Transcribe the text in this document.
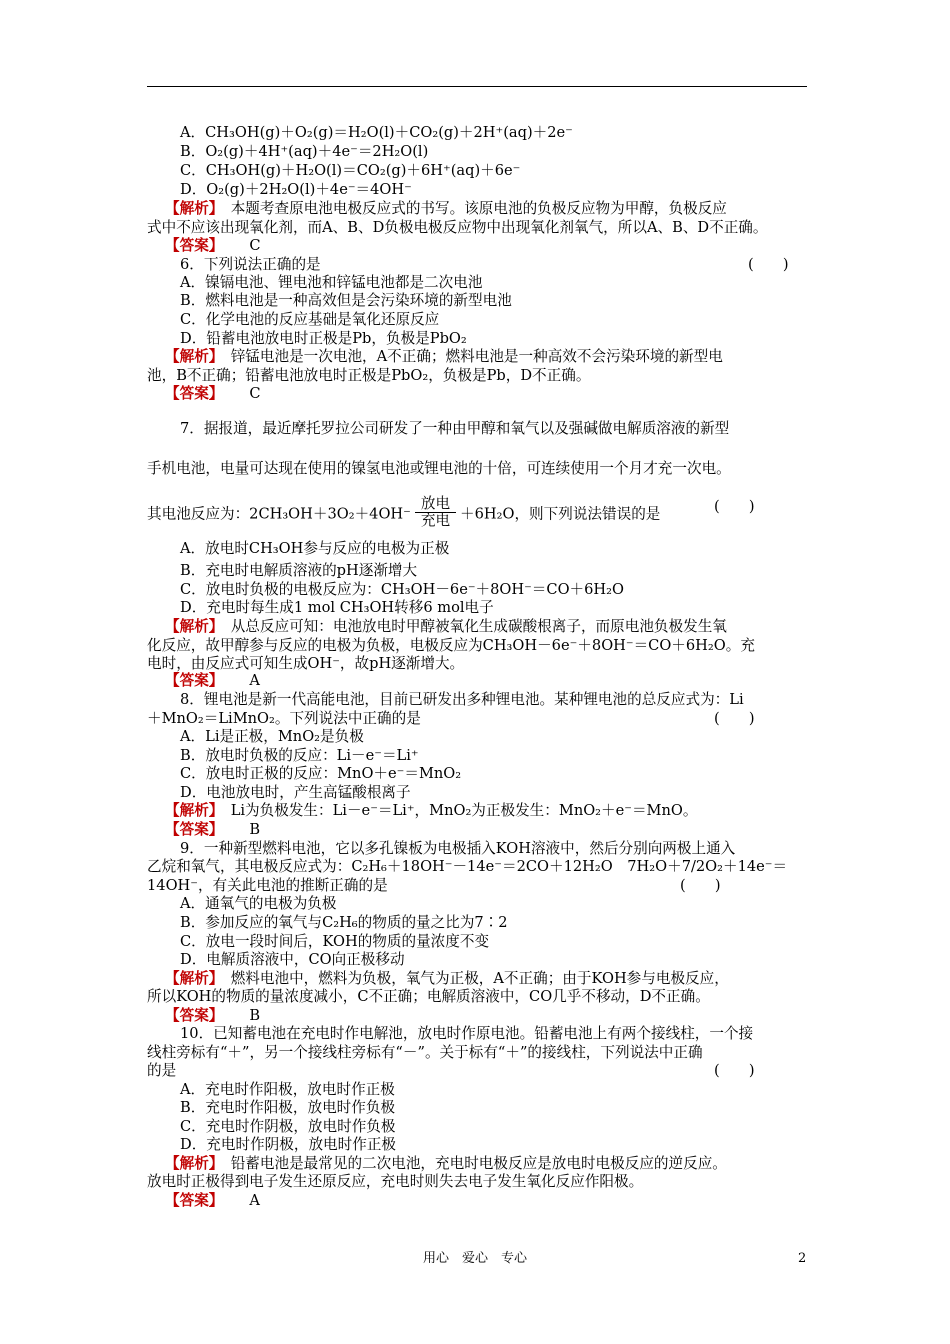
A．CH₃OH(g)＋O₂(g)＝H₂O(l)＋CO₂(g)＋2H⁺(aq)＋2e⁻
B．O₂(g)＋4H⁺(aq)＋4e⁻＝2H₂O(l)
C．CH₃OH(g)＋H₂O(l)＝CO₂(g)＋6H⁺(aq)＋6e⁻
D．O₂(g)＋2H₂O(l)＋4e⁻＝4OH⁻
【解析】　 本题考查原电池电极反应式的书写。该原电池的负极反应物为甲醇，负极反应
式中不应该出现氧化剂，而A、B、D负极电极反应物中出现氧化剂氧气，所以A、B、D不正确。
【答案】 C
6．下列说法正确的是	(　　)
A．镍镉电池、锂电池和锌锰电池都是二次电池
B．燃料电池是一种高效但是会污染环境的新型电池
C．化学电池的反应基础是氧化还原反应
D．铅蓄电池放电时正极是Pb，负极是PbO₂
【解析】　 锌锰电池是一次电池，A不正确；燃料电池是一种高效不会污染环境的新型电
池，B不正确；铅蓄电池放电时正极是PbO₂，负极是Pb，D不正确。
【答案】 C
7．据报道，最近摩托罗拉公司研发了一种由甲醇和氧气以及强碱做电解质溶液的新型
手机电池，电量可达现在使用的镍氢电池或锂电池的十倍，可连续使用一个月才充一次电。
其电池反应为：$2CH_3OH+3O_2+4OH^- \frac{\text{放电}}{\text{充电}} +6H_2O$，则下列说法错误的是	(　　)
A．放电时CH₃OH参与反应的电极为正极
B．充电时电解质溶液的pH逐渐增大
C．放电时负极的电极反应为：CH₃OH－6e⁻＋8OH⁻＝CO＋6H₂O
D．充电时每生成1 mol CH₃OH转移6 mol电子
【解析】　 从总反应可知：电池放电时甲醇被氧化生成碳酸根离子，而原电池负极发生氧
化反应，故甲醇参与反应的电极为负极，电极反应为CH₃OH－6e⁻＋8OH⁻＝CO＋6H₂O。充
电时，由反应式可知生成OH⁻，故pH逐渐增大。
【答案】 A
8．锂电池是新一代高能电池，目前已研发出多种锂电池。某种锂电池的总反应式为：Li
＋MnO₂＝LiMnO₂。下列说法中正确的是	(　　)
A．Li是正极，MnO₂是负极
B．放电时负极的反应：Li－e⁻＝Li⁺
C．放电时正极的反应：MnO＋e⁻＝MnO₂
D．电池放电时，产生高锰酸根离子
【解析】　 Li为负极发生：Li－e⁻＝Li⁺，MnO₂为正极发生：MnO₂＋e⁻＝MnO。
【答案】 B
9．一种新型燃料电池，它以多孔镍板为电极插入KOH溶液中，然后分别向两极上通入
乙烷和氧气，其电极反应式为：C₂H₆＋18OH⁻－14e⁻＝2CO＋12H₂O　7H₂O＋7/2O₂＋14e⁻＝
14OH⁻，有关此电池的推断正确的是	(　　)
A．通氧气的电极为负极
B．参加反应的氧气与C₂H₆的物质的量之比为7∶2
C．放电一段时间后，KOH的物质的量浓度不变
D．电解质溶液中，CO向正极移动
【解析】　 燃料电池中，燃料为负极，氧气为正极，A不正确；由于KOH参与电极反应，
所以KOH的物质的量浓度减小，C不正确；电解质溶液中，CO几乎不移动，D不正确。
【答案】 B
10．已知蓄电池在充电时作电解池，放电时作原电池。铅蓄电池上有两个接线柱，一个接
线柱旁标有“＋”，另一个接线柱旁标有“－”。关于标有“＋”的接线柱，下列说法中正确
的是	(　　)
A．充电时作阳极，放电时作正极
B．充电时作阳极，放电时作负极
C．充电时作阴极，放电时作负极
D．充电时作阴极，放电时作正极
【解析】　 铅蓄电池是最常见的二次电池，充电时电极反应是放电时电极反应的逆反应。
放电时正极得到电子发生还原反应，充电时则失去电子发生氧化反应作阳极。
【答案】 A
用心　爱心　专心	2
